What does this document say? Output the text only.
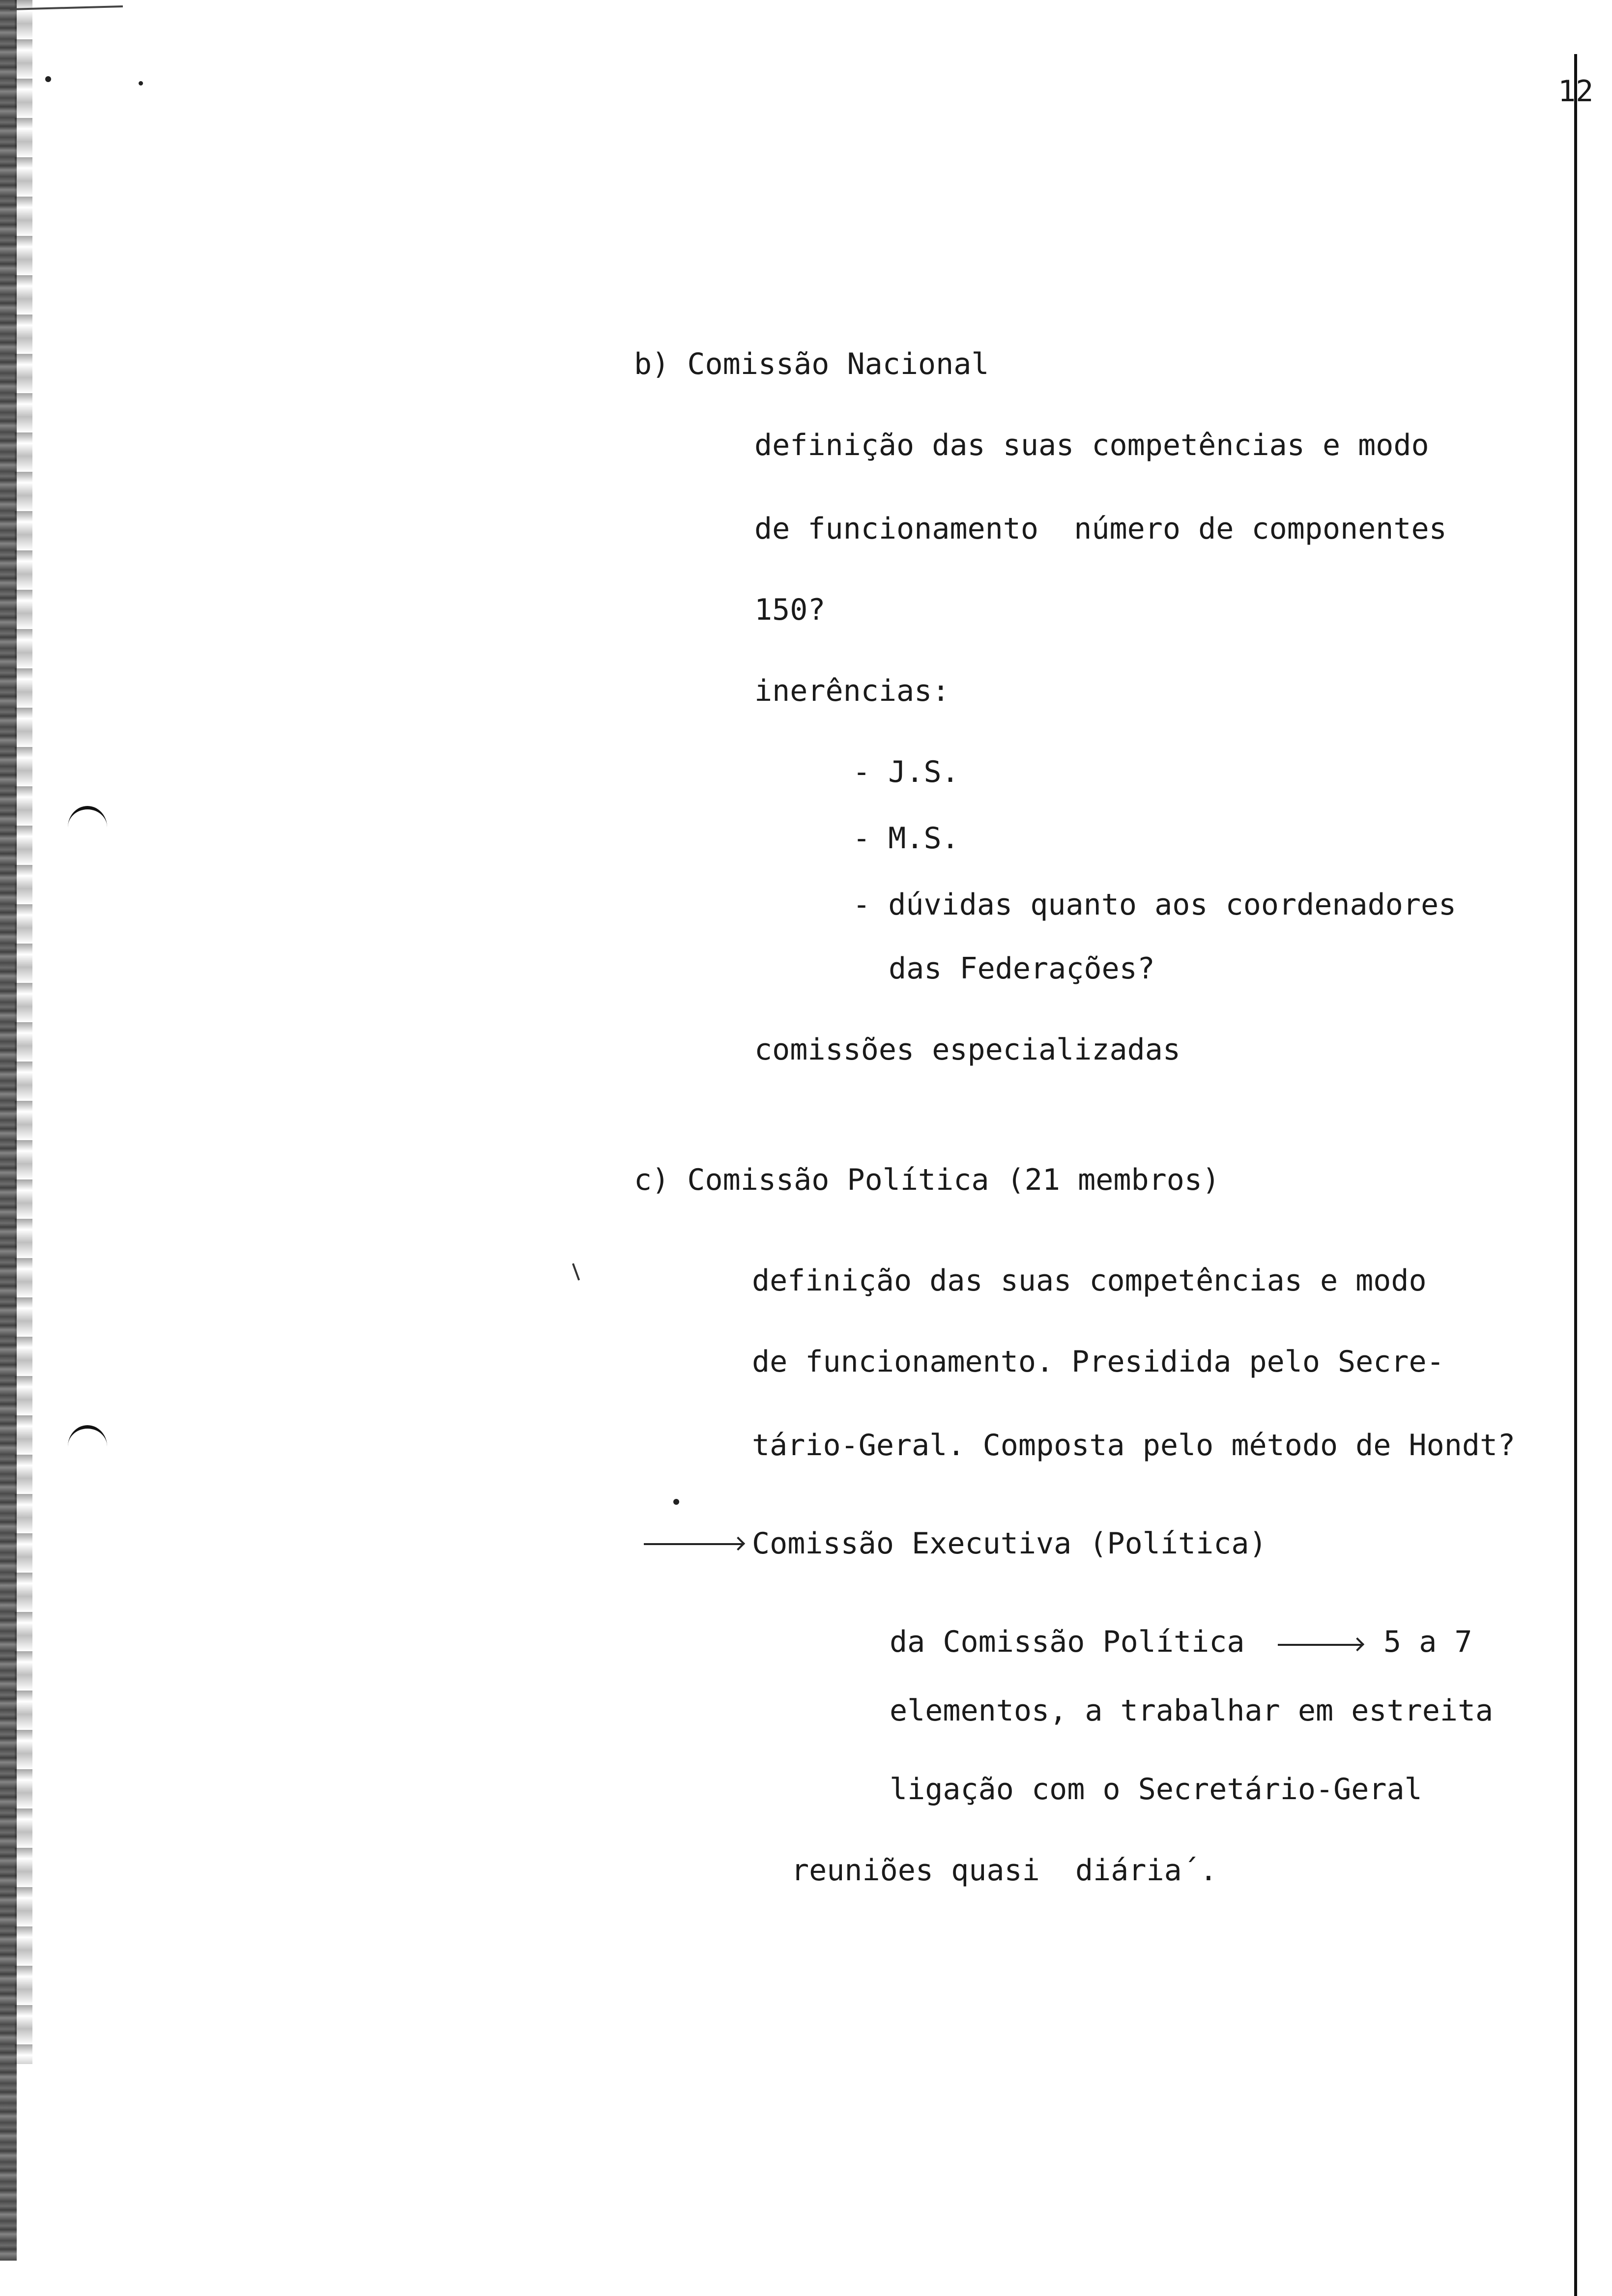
12
b) Comissão Nacional
definição das suas competências e modo
de funcionamento  número de componentes
150?
inerências:
- J.S.
- M.S.
- dúvidas quanto aos coordenadores
das Federações?
comissões especializadas
c) Comissão Política (21 membros)
definição das suas competências e modo
de funcionamento. Presidida pelo Secre-
tário-Geral. Composta pelo método de Hondt?
Comissão Executiva (Política)
da Comissão Política	5 a 7
elementos, a trabalhar em estreita
ligação com o Secretário-Geral
reuniões quasi  diária´.
